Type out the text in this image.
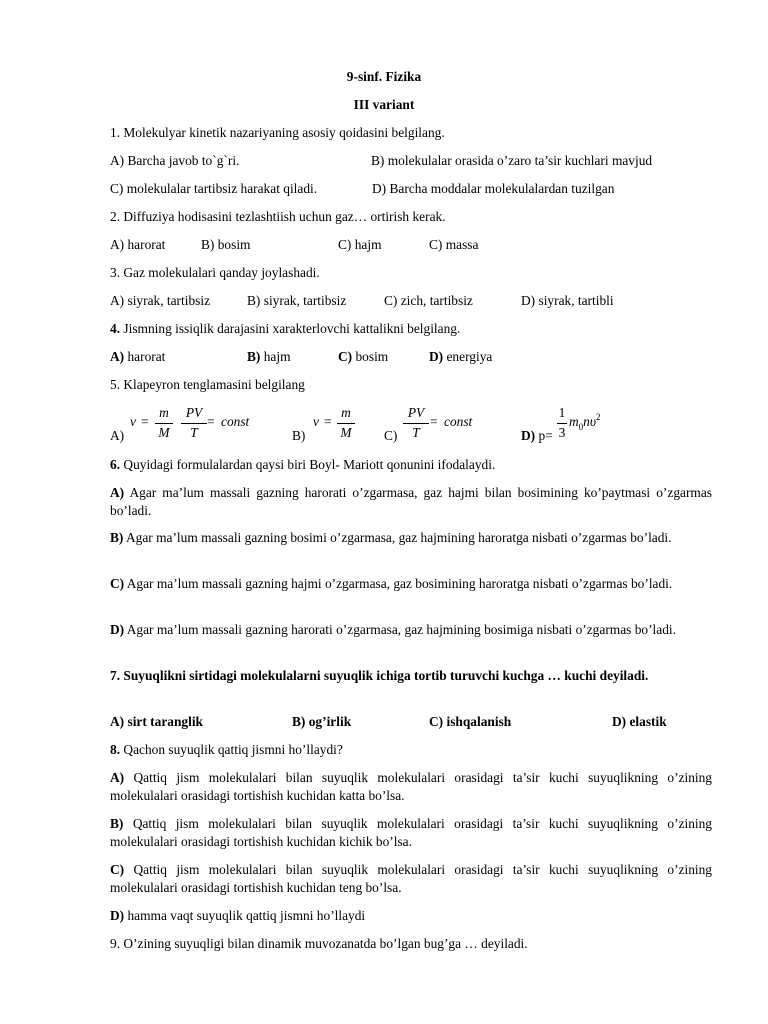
9-sinf. Fizika
III variant
1. Molekulyar kinetik nazariyaning asosiy qoidasini belgilang.
A) Barcha javob to`g`ri.	B) molekulalar orasida o’zaro ta’sir kuchlari mavjud
C) molekulalar tartibsiz harakat qiladi.	D) Barcha moddalar molekulalardan tuzilgan
2. Diffuziya hodisasini tezlashtiish uchun gaz… ortirish kerak.
A) harorat	B) bosim	C) hajm	C) massa
3. Gaz molekulalari qanday joylashadi.
A) siyrak, tartibsiz	B) siyrak, tartibsiz	C) zich, tartibsiz	D) siyrak, tartibli
4. Jismning issiqlik darajasini xarakterlovchi kattalikni belgilang.
A) harorat	B) hajm	C) bosim	D) energiya
5. Klapeyron tenglamasini belgilang
A)
ν =
m
M
PV
T
= const
B)
ν =
m
M C)
PV
T
= const
D) p=
1
3
$m_0n\upsilon^2$
6. Quyidagi formulalardan qaysi biri Boyl- Mariott qonunini ifodalaydi.
A) Agar ma’lum massali gazning harorati o’zgarmasa, gaz hajmi bilan bosimining ko’paytmasi o’zgarmas bo’ladi.
B) Agar ma’lum massali gazning bosimi o’zgarmasa, gaz hajmining haroratga nisbati o’zgarmas bo’ladi.
C) Agar ma’lum massali gazning hajmi o’zgarmasa, gaz bosimining haroratga nisbati o’zgarmas bo’ladi.
D) Agar ma’lum massali gazning harorati o’zgarmasa, gaz hajmining bosimiga nisbati o’zgarmas bo’ladi.
7. Suyuqlikni sirtidagi molekulalarni suyuqlik ichiga tortib turuvchi kuchga … kuchi deyiladi.
A) sirt taranglik	B) og’irlik	C) ishqalanish	D) elastik
8. Qachon suyuqlik qattiq jismni ho’llaydi?
A) Qattiq jism molekulalari bilan suyuqlik molekulalari orasidagi ta’sir kuchi suyuqlikning o’zining molekulalari orasidagi tortishish kuchidan katta bo’lsa.
B) Qattiq jism molekulalari bilan suyuqlik molekulalari orasidagi ta’sir kuchi suyuqlikning o’zining molekulalari orasidagi tortishish kuchidan kichik bo’lsa.
C) Qattiq jism molekulalari bilan suyuqlik molekulalari orasidagi ta’sir kuchi suyuqlikning o’zining molekulalari orasidagi tortishish kuchidan teng bo’lsa.
D) hamma vaqt suyuqlik qattiq jismni ho’llaydi
9. O’zining suyuqligi bilan dinamik muvozanatda bo’lgan bug’ga … deyiladi.
